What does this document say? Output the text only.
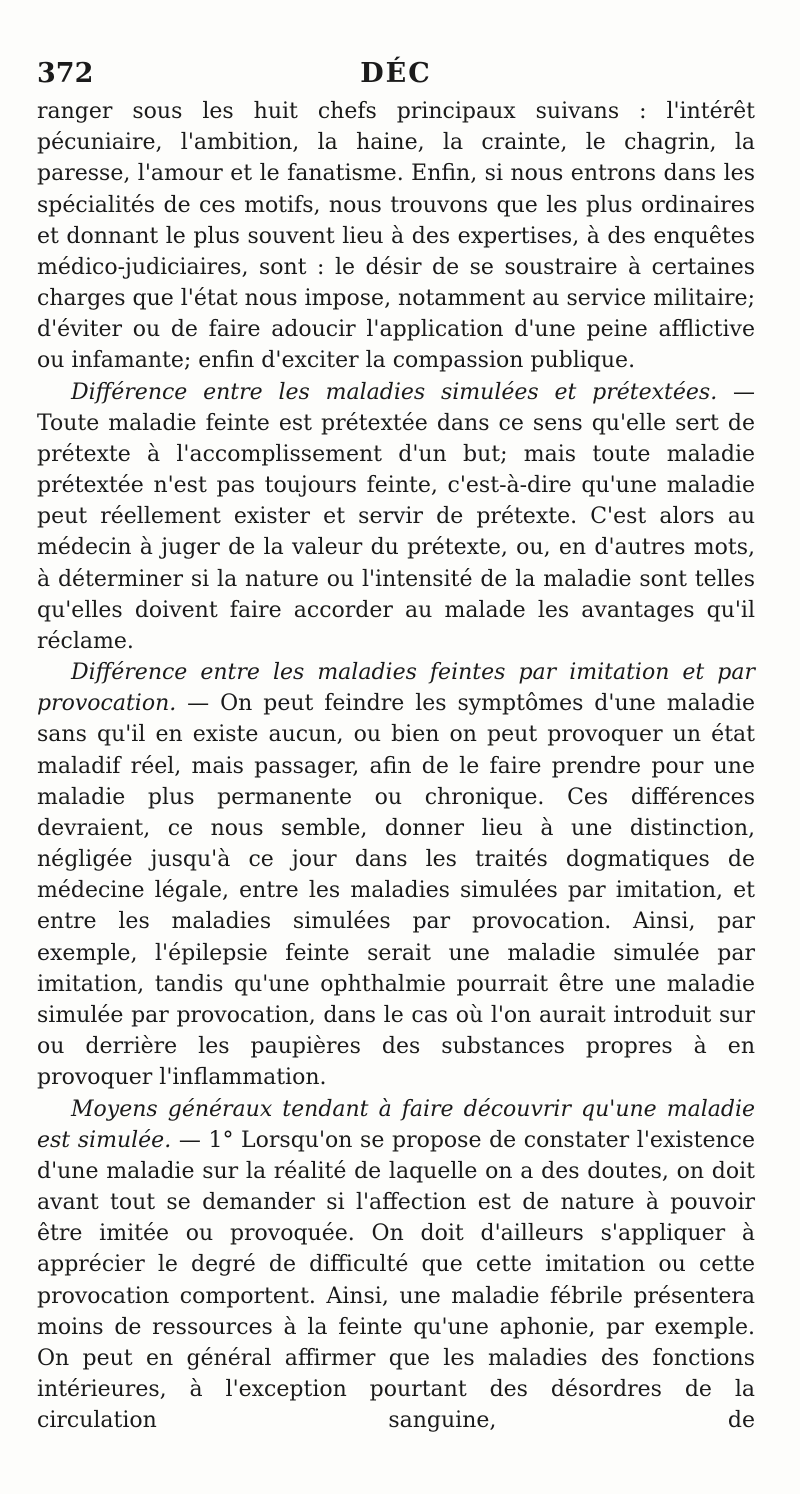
372	DÉC

ranger sous les huit chefs principaux suivans : l'intérêt pécuniaire, l'ambition, la haine, la crainte, le chagrin, la paresse, l'amour et le fanatisme. Enfin, si nous entrons dans les spécialités de ces motifs, nous trouvons que les plus ordinaires et donnant le plus souvent lieu à des expertises, à des enquêtes médico-judiciaires, sont : le désir de se soustraire à certaines charges que l'état nous impose, notamment au service militaire; d'éviter ou de faire adoucir l'application d'une peine afflictive ou infamante; enfin d'exciter la compassion publique.

Différence entre les maladies simulées et prétextées. — Toute maladie feinte est prétextée dans ce sens qu'elle sert de prétexte à l'accomplissement d'un but; mais toute maladie prétextée n'est pas toujours feinte, c'est-à-dire qu'une maladie peut réellement exister et servir de prétexte. C'est alors au médecin à juger de la valeur du prétexte, ou, en d'autres mots, à déterminer si la nature ou l'intensité de la maladie sont telles qu'elles doivent faire accorder au malade les avantages qu'il réclame.

Différence entre les maladies feintes par imitation et par provocation. — On peut feindre les symptômes d'une maladie sans qu'il en existe aucun, ou bien on peut provoquer un état maladif réel, mais passager, afin de le faire prendre pour une maladie plus permanente ou chronique. Ces différences devraient, ce nous semble, donner lieu à une distinction, négligée jusqu'à ce jour dans les traités dogmatiques de médecine légale, entre les maladies simulées par imitation, et entre les maladies simulées par provocation. Ainsi, par exemple, l'épilepsie feinte serait une maladie simulée par imitation, tandis qu'une ophthalmie pourrait être une maladie simulée par provocation, dans le cas où l'on aurait introduit sur ou derrière les paupières des substances propres à en provoquer l'inflammation.

Moyens généraux tendant à faire découvrir qu'une maladie est simulée. — 1° Lorsqu'on se propose de constater l'existence d'une maladie sur la réalité de laquelle on a des doutes, on doit avant tout se demander si l'affection est de nature à pouvoir être imitée ou provoquée. On doit d'ailleurs s'appliquer à apprécier le degré de difficulté que cette imitation ou cette provocation comportent. Ainsi, une maladie fébrile présentera moins de ressources à la feinte qu'une aphonie, par exemple. On peut en général affirmer que les maladies des fonctions intérieures, à l'exception pourtant des désordres de la circulation sanguine, de
